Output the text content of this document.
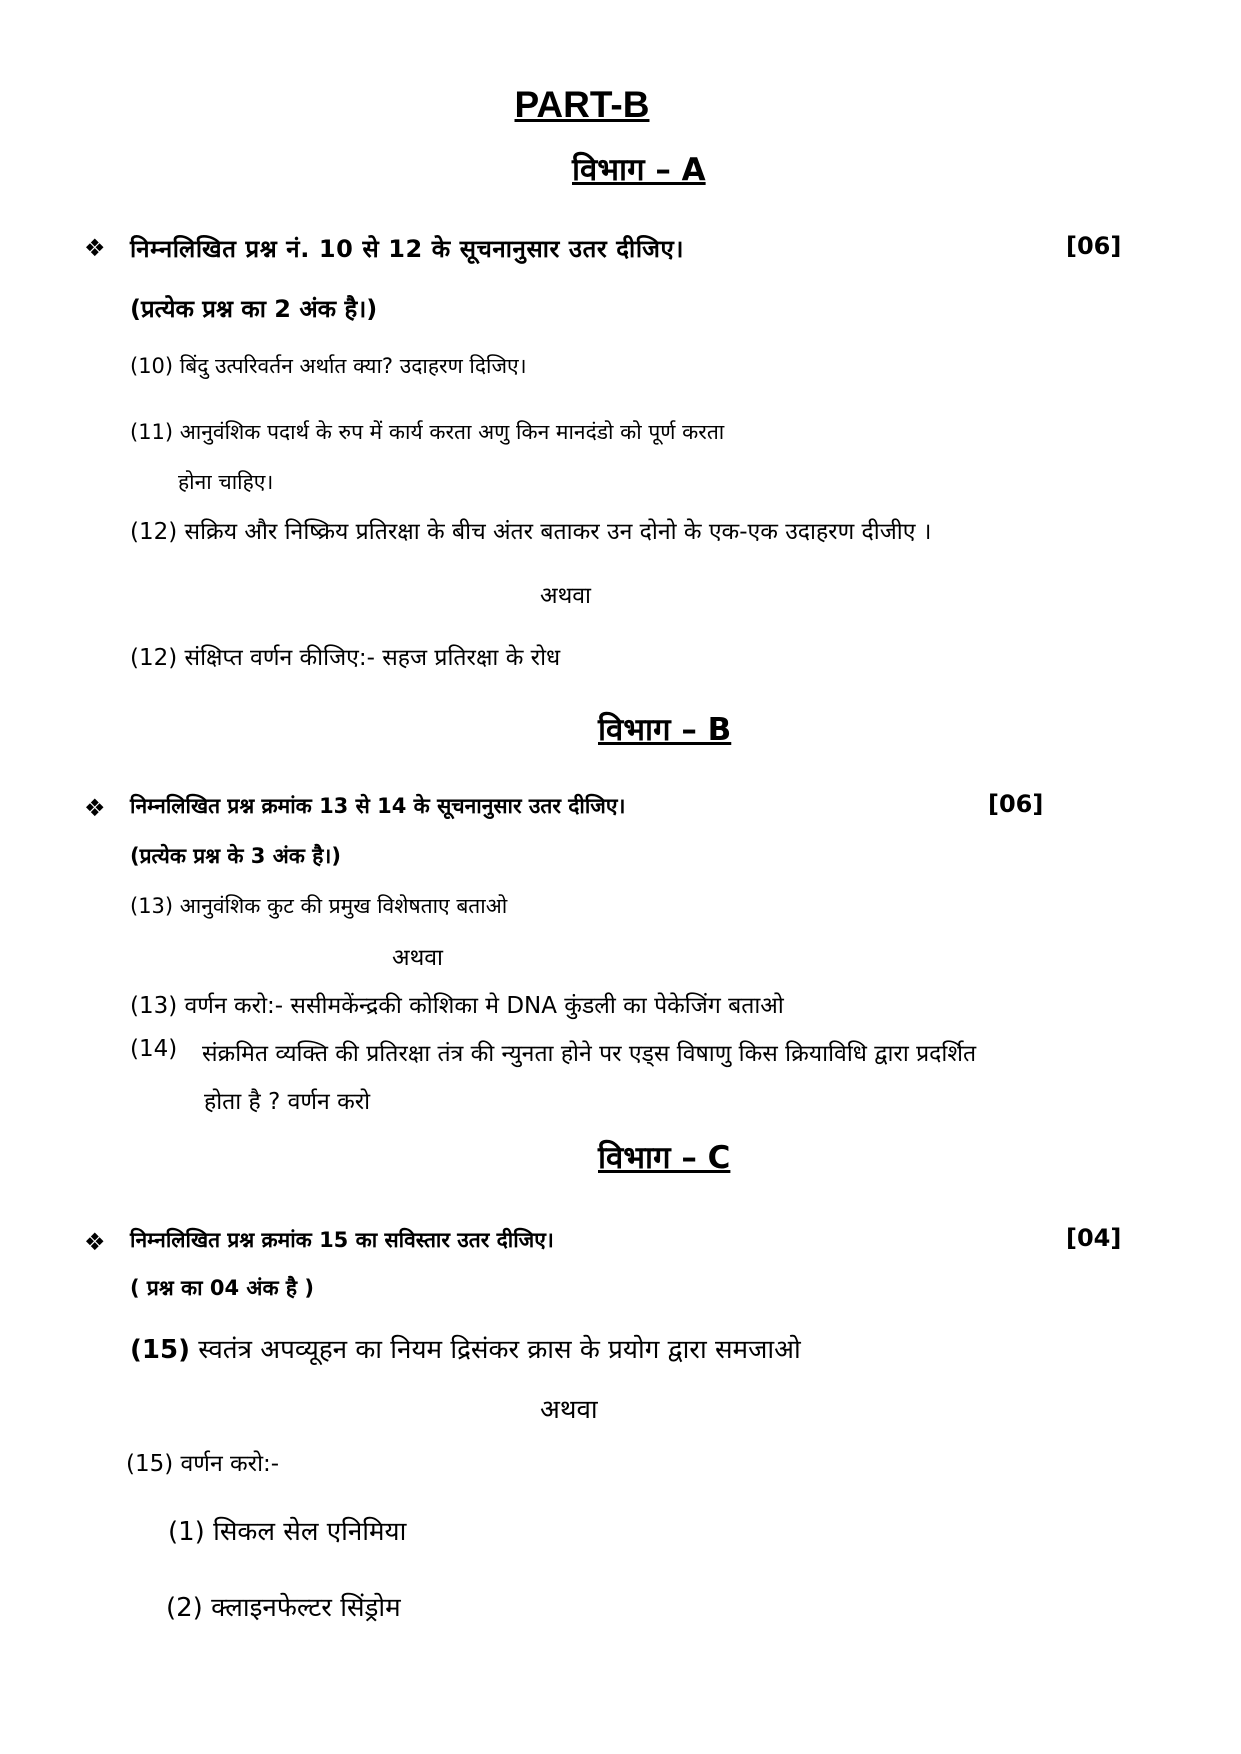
PART-B
विभाग – A
❖ निम्नलिखित प्रश्न नं. 10 से 12 के सूचनानुसार उतर दीजिए।	[06]
(प्रत्येक प्रश्न का 2 अंक है।)
(10) बिंदु उत्परिवर्तन अर्थात क्या? उदाहरण दिजिए।
(11) आनुवंशिक पदार्थ के रुप में कार्य करता अणु किन मानदंडो को पूर्ण करता
होना चाहिए।
(12) सक्रिय और निष्क्रिय प्रतिरक्षा के बीच अंतर बताकर उन दोनो के एक-एक उदाहरण दीजीए ।
अथवा
(12) संक्षिप्त वर्णन कीजिए:- सहज प्रतिरक्षा के रोध
विभाग – B
❖ निम्नलिखित प्रश्न क्रमांक 13 से 14 के सूचनानुसार उतर दीजिए।	[06]
(प्रत्येक प्रश्न के 3 अंक है।)
(13) आनुवंशिक कुट की प्रमुख विशेषताए बताओ
अथवा
(13) वर्णन करो:- ससीमकेंन्द्रकी कोशिका मे DNA कुंडली का पेकेजिंग बताओ
(14) संक्रमित व्यक्ति की प्रतिरक्षा तंत्र की न्युनता होने पर एड्स विषाणु किस क्रियाविधि द्वारा प्रदर्शित
होता है ? वर्णन करो
विभाग – C
❖ निम्नलिखित प्रश्न क्रमांक 15 का सविस्तार उतर दीजिए।	[04]
( प्रश्न का 04 अंक है )
(15) स्वतंत्र अपव्यूहन का नियम द्रिसंकर क्रास के प्रयोग द्वारा समजाओ
अथवा
(15) वर्णन करो:-
(1) सिकल सेल एनिमिया
(2) क्लाइनफेल्टर सिंड्रोम
